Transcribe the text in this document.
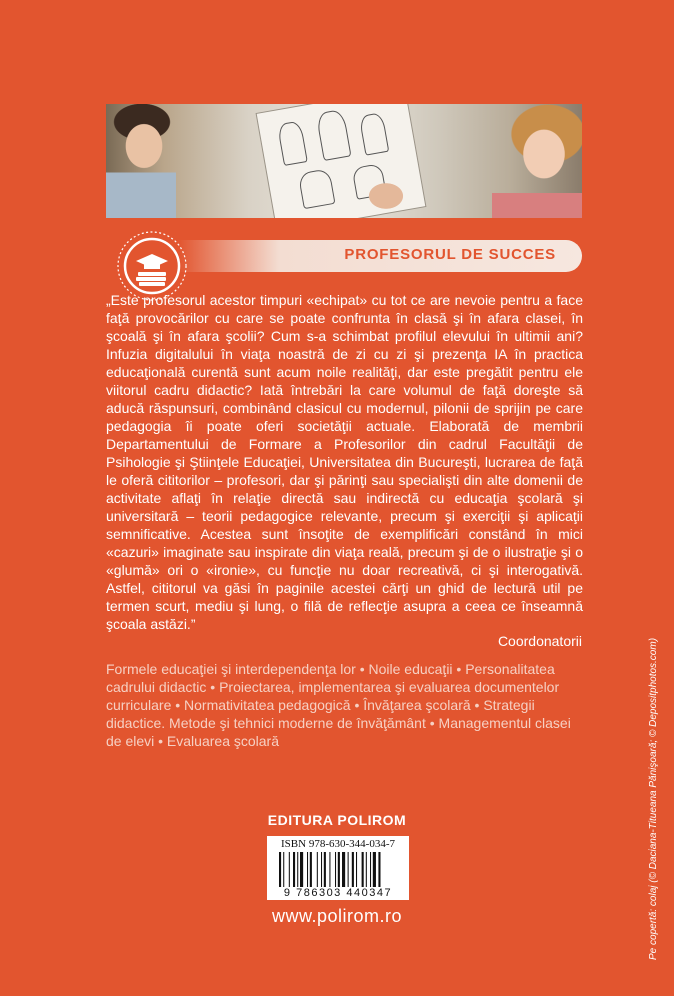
PROFESORUL DE SUCCES
„Este profesorul acestor timpuri «echipat» cu tot ce are nevoie pentru a face faţă provocărilor cu care se poate confrunta în clasă şi în afara clasei, în şcoală şi în afara şcolii? Cum s-a schimbat profilul elevului în ultimii ani? Infuzia digitalului în viaţa noastră de zi cu zi şi prezenţa IA în practica educaţională curentă sunt acum noile realităţi, dar este pregătit pentru ele viitorul cadru didactic? Iată întrebări la care volumul de faţă doreşte să aducă răspunsuri, combinând clasicul cu modernul, pilonii de sprijin pe care pedagogia îi poate oferi societăţii actuale. Elaborată de membrii Departamentului de Formare a Profesorilor din cadrul Facultăţii de Psihologie şi Ştiinţele Educaţiei, Universitatea din Bucureşti, lucrarea de faţă le oferă cititorilor – profesori, dar şi părinţi sau specialişti din alte domenii de activitate aflaţi în relaţie directă sau indirectă cu educaţia şcolară şi universitară – teorii pedagogice relevante, precum şi exerciţii şi aplicaţii semnificative. Acestea sunt însoţite de exemplificări constând în mici «cazuri» imaginate sau inspirate din viaţa reală, precum şi de o ilustraţie şi o «glumă» ori o «ironie», cu funcţie nu doar recreativă, ci şi interogativă. Astfel, cititorul va găsi în paginile acestei cărţi un ghid de lectură util pe termen scurt, mediu şi lung, o filă de reflecţie asupra a ceea ce înseamnă şcoala astăzi.”
Coordonatorii
Formele educaţiei şi interdependenţa lor • Noile educaţii • Personalitatea cadrului didactic • Proiectarea, implementarea şi evaluarea documentelor curriculare • Normativitatea pedagogică • Învăţarea şcolară • Strategii didactice. Metode şi tehnici moderne de învăţământ • Managementul clasei de elevi • Evaluarea şcolară
EDITURA POLIROM
ISBN 978-630-344-034-7
9 786303 440347
www.polirom.ro	Pe copertă: colaj (© Daciana-Titueana Pănişoară; © Depositphotos.com)
